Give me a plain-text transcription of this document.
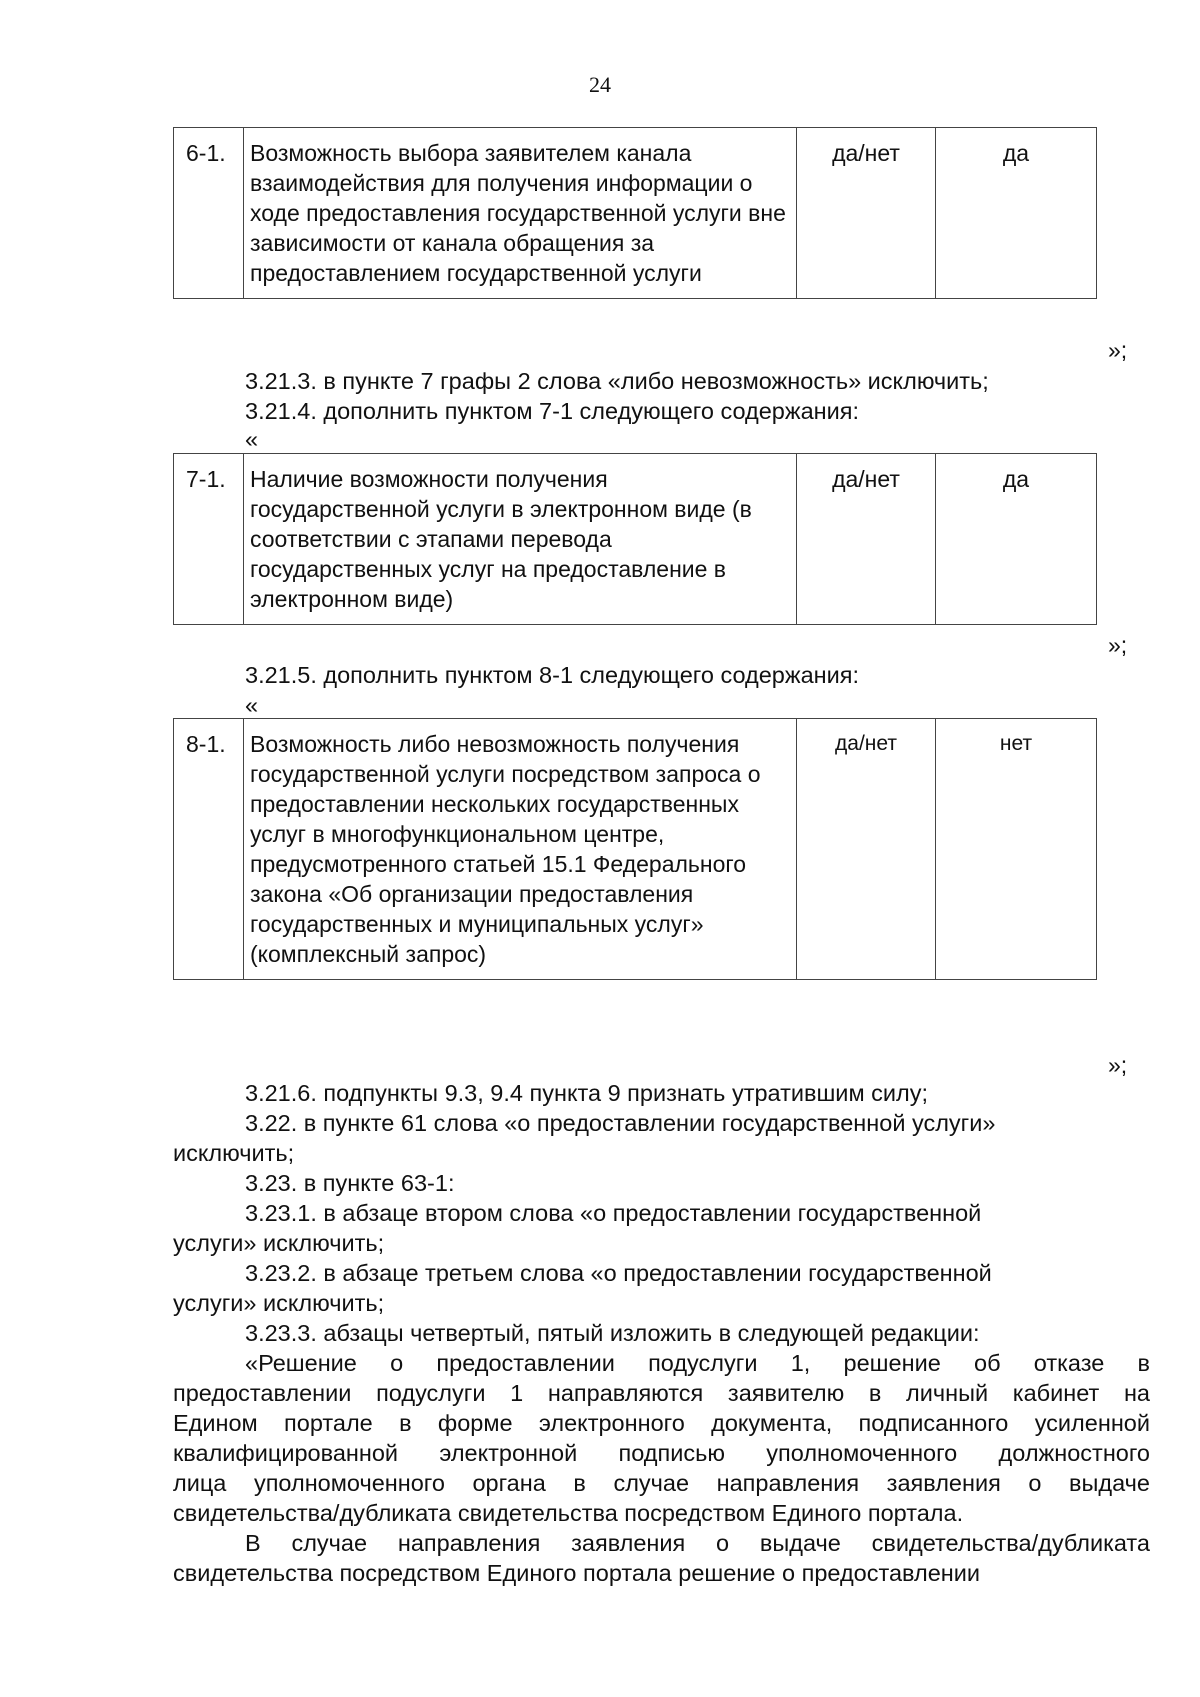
24
6-1.	Возможность выбора заявителем канала взаимодействия для получения информации о ходе предоставления государственной услуги вне зависимости от канала обращения за предоставлением государственной услуги	да/нет	да
»;
3.21.3. в пункте 7 графы 2 слова «либо невозможность» исключить;
3.21.4. дополнить пунктом 7-1 следующего содержания:
«
7-1.	Наличие возможности получения государственной услуги в электронном виде (в соответствии с этапами перевода государственных услуг на предоставление в электронном виде)	да/нет	да
»;
3.21.5. дополнить пунктом 8-1 следующего содержания:
«
8-1.	Возможность либо невозможность получения государственной услуги посредством запроса о предоставлении нескольких государственных услуг в многофункциональном центре, предусмотренного статьей 15.1 Федерального закона «Об организации предоставления государственных и муниципальных услуг» (комплексный запрос)	да/нет	нет
»;
3.21.6. подпункты 9.3, 9.4 пункта 9 признать утратившим силу;
3.22. в пункте 61 слова «о предоставлении государственной услуги»
исключить;
3.23. в пункте 63-1:
3.23.1. в абзаце втором слова «о предоставлении государственной
услуги» исключить;
3.23.2. в абзаце третьем слова «о предоставлении государственной
услуги» исключить;
3.23.3. абзацы четвертый, пятый изложить в следующей редакции:
«Решение о предоставлении подуслуги 1, решение об отказе в
предоставлении подуслуги 1 направляются заявителю в личный кабинет на
Едином портале в форме электронного документа, подписанного усиленной
квалифицированной электронной подписью уполномоченного должностного
лица уполномоченного органа в случае направления заявления о выдаче
свидетельства/дубликата свидетельства посредством Единого портала.
В случае направления заявления о выдаче свидетельства/дубликата
свидетельства посредством Единого портала решение о предоставлении
